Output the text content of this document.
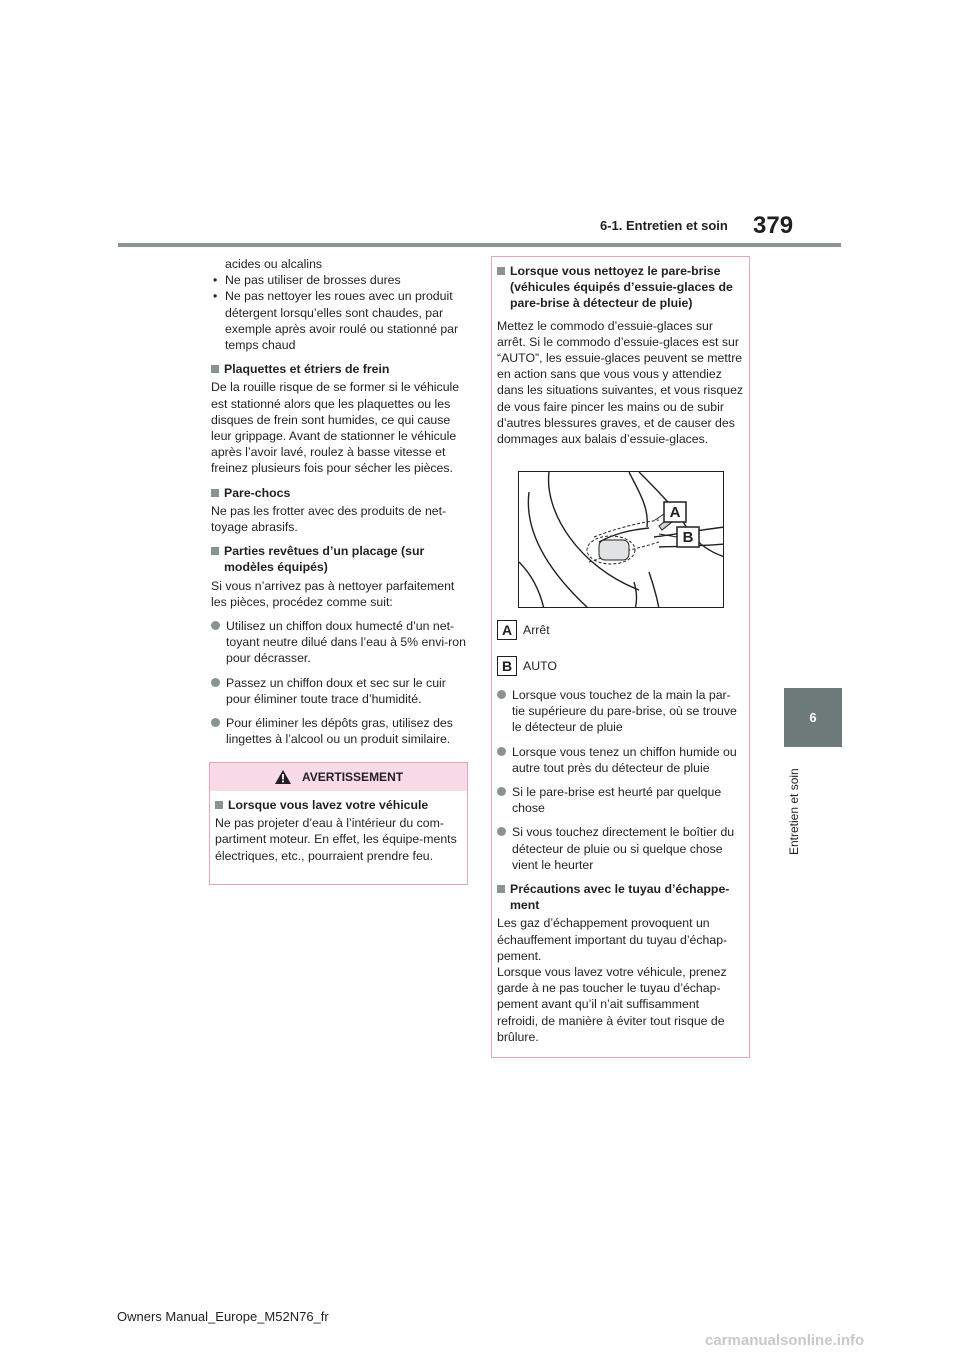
6-1. Entretien et soin 379
6
Entretien et soin

acides ou alcalins

• Ne pas utiliser de brosses dures
• Ne pas nettoyer les roues avec un produit détergent lorsqu’elles sont chaudes, par exemple après avoir roulé ou stationné par temps chaud
Plaquettes et étriers de frein

De la rouille risque de se former si le véhicule est stationné alors que les plaquettes ou les disques de frein sont humides, ce qui cause leur grippage. Avant de stationner le véhicule après l’avoir lavé, roulez à basse vitesse et freinez plusieurs fois pour sécher les pièces.

Pare-chocs

Ne pas les frotter avec des produits de net-toyage abrasifs.

Parties revêtues d’un placage (sur modèles équipés)

Si vous n’arrivez pas à nettoyer parfaitement les pièces, procédez comme suit:

Utilisez un chiffon doux humecté d’un net-toyant neutre dilué dans l’eau à 5% envi-ron pour décrasser.
Passez un chiffon doux et sec sur le cuir pour éliminer toute trace d’humidité.
Pour éliminer les dépôts gras, utilisez des lingettes à l’alcool ou un produit similaire.
AVERTISSEMENT
Lorsque vous lavez votre véhicule
Ne pas projeter d’eau à l’intérieur du com-partiment moteur. En effet, les équipe-ments électriques, etc., pourraient prendre feu.
Lorsque vous nettoyez le pare-brise (véhicules équipés d’essuie-glaces de pare-brise à détecteur de pluie)

Mettez le commodo d’essuie-glaces sur arrêt. Si le commodo d’essuie-glaces est sur “AUTO”, les essuie-glaces peuvent se mettre en action sans que vous vous y attendiez dans les situations suivantes, et vous risquez de vous faire pincer les mains ou de subir d’autres blessures graves, et de causer des dommages aux balais d’essuie-glaces.

A
B
A Arrêt
B AUTO
Lorsque vous touchez de la main la par-tie supérieure du pare-brise, où se trouve le détecteur de pluie
Lorsque vous tenez un chiffon humide ou autre tout près du détecteur de pluie
Si le pare-brise est heurté par quelque chose
Si vous touchez directement le boîtier du détecteur de pluie ou si quelque chose vient le heurter
Précautions avec le tuyau d’échappe-ment

Les gaz d’échappement provoquent un échauffement important du tuyau d’échap-pement.

Lorsque vous lavez votre véhicule, prenez garde à ne pas toucher le tuyau d’échap-pement avant qu’il n’ait suffisamment refroidi, de manière à éviter tout risque de brûlure.

Owners Manual_Europe_M52N76_fr
carmanualsonline.info
